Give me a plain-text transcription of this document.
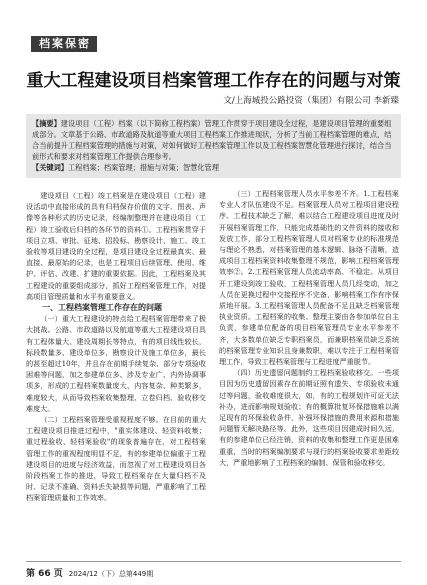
档案保密
重大工程建设项目档案管理工作存在的问题与对策
文/上海城投公路投资（集团）有限公司 李新臻

【摘要】建设项目（工程）档案（以下简称工程档案）管理工作贯穿于项目建设全过程，是建设项目管理的重要组成部分。文章基于公路、市政道路及航道等重大项目工程档案工作推进现状，分析了当前工程档案管理的难点，结合当前提升工程档案管理的措施与对策，对如何做好工程档案管理工作以及工程档案智慧化管理进行探讨，结合当前形式和要求对档案管理工作提供合理参考。

【关键词】工程档案；档案管理；措施与对策；智慧化管理

建设项目（工程）竣工档案是在建设项目（工程）建设活动中直接形成的具有归档保存价值的文字、图表、声像等各种形式的历史记录，经编制整理并在建设项目（工程）竣工验收后归档的各环节的资料①。工程档案贯穿于项目立项、审批、征地、招投标、勘察设计、施工、竣工验收等项目建设的全过程，是项目建设全过程最真实、最直接、最原始的记录，也是工程项目后续管理、使用、维护、评估、改建、扩建的重要依据。因此，工程档案及其工程建设的重要组成部分，抓好工程档案管理工作，对提高项目管理质量和水平有重要意义。

一、工程档案管理工作存在的问题

（一）重大工程建设的特点给工程档案管理带来了极大挑战。公路、市政道路以及航道等重大工程建设项目具有工程体量大、建设周期长等特点，有的项目线性较长，标段数量多、建设单位多，勘察设计及施工单位多，最长的甚至超过10年，并且存在前期手续复杂、部分专项验收困难等问题，加之参建单位多、涉及专业广、内外协调事项多，形成的工程档案数量庞大、内容复杂、种类繁多，难度较大，从而导致档案收集整理、立卷归档、验收移交难度大。

（二）工程档案管理受重视程度不够。在目前的重大工程建设项目推进过程中，"重实体建设、轻资料收集；重过程验收、轻档案验收"的现象普遍存在，对工程档案管理工作的重视程度明显不足，有的参建单位偏重于工程建设项目的进度与经济效益，而忽视了对工程建设项目各阶段档案工作的推进，导致工程档案存在大量归档不及时、记录不准确、资料丢失缺损等问题，严重影响了工程档案管理质量和工作效率。

（三）工程档案管理人员水平参差不齐。1.工程档案专业人才队伍建设不足。档案管理人员对工程项目建设程序、工程技术缺乏了解，难以结合工程建设项目进度及时开展档案管理工作，只能完成基础性的文件资料的接收和发放工作，部分工程档案管理人员对档案专业的标准规范与理论不熟悉，对档案管理的基本逻辑、脉络不清晰，造成项目工程档案资料收集整理不规范，影响工程档案管理效率②。2.工程档案管理人员流动率高、不稳定。从项目开工建设到竣工验收，工程档案管理人员几经变动，加之人员在更换过程中交接程序不完备，影响档案工作有序保质地开展。3.工程档案管理人员配备不足且缺乏档案管理执业资质。工程档案的收集、整理主要由各参加单位自主负责，参建单位配备的项目档案管理员专业水平参差不齐，大多数单位缺乏专职档案员，而兼职档案员缺乏系统的档案管理专业知识且身兼数职，难以专注于工程档案管理工作，导致工程档案管理与工程进度严重脱节。

（四）历史遗留问题制约工程档案验收移交。一些项目因为历史遗留因素存在前期证照有遗失、专项验收未通过等问题，验收难度很大，如，有的工程规划许可证无法补办，进而影响规划验收；有的概算批复环保措施难以满足现有的环保验收条件，补强环保措施的费用来源和措施问题暂无解决路径等。此外，这些项目因建成时间久远，有的参建单位已经注销，资料的收集和整理工作更是困难重重，当时的档案编制要求与现行的档案验收要求差距较大，严重地影响了工程档案的编制、保管和验收移交。

第 66 页 2024/12（下）总第449期
